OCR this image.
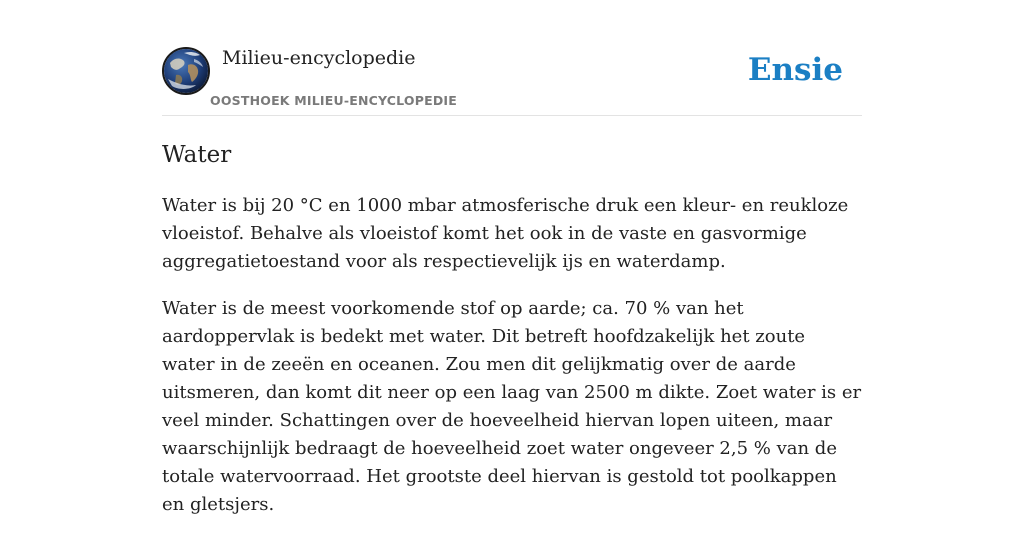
Milieu-encyclopedie
OOSTHOEK MILIEU-ENCYCLOPEDIE
Ensie
Water

Water is bij 20 °C en 1000 mbar atmosferische druk een kleur- en reukloze vloeistof. Behalve als vloeistof komt het ook in de vaste en gasvormige aggregatietoestand voor als respectievelijk ijs en waterdamp.

Water is de meest voorkomende stof op aarde; ca. 70 % van het aardoppervlak is bedekt met water. Dit betreft hoofdzakelijk het zoute water in de zeeën en oceanen. Zou men dit gelijkmatig over de aarde uitsmeren, dan komt dit neer op een laag van 2500 m dikte. Zoet water is er veel minder. Schattingen over de hoeveelheid hiervan lopen uiteen, maar waarschijnlijk bedraagt de hoeveelheid zoet water ongeveer 2,5 % van de totale watervoorraad. Het grootste deel hiervan is gestold tot poolkappen en gletsjers.
